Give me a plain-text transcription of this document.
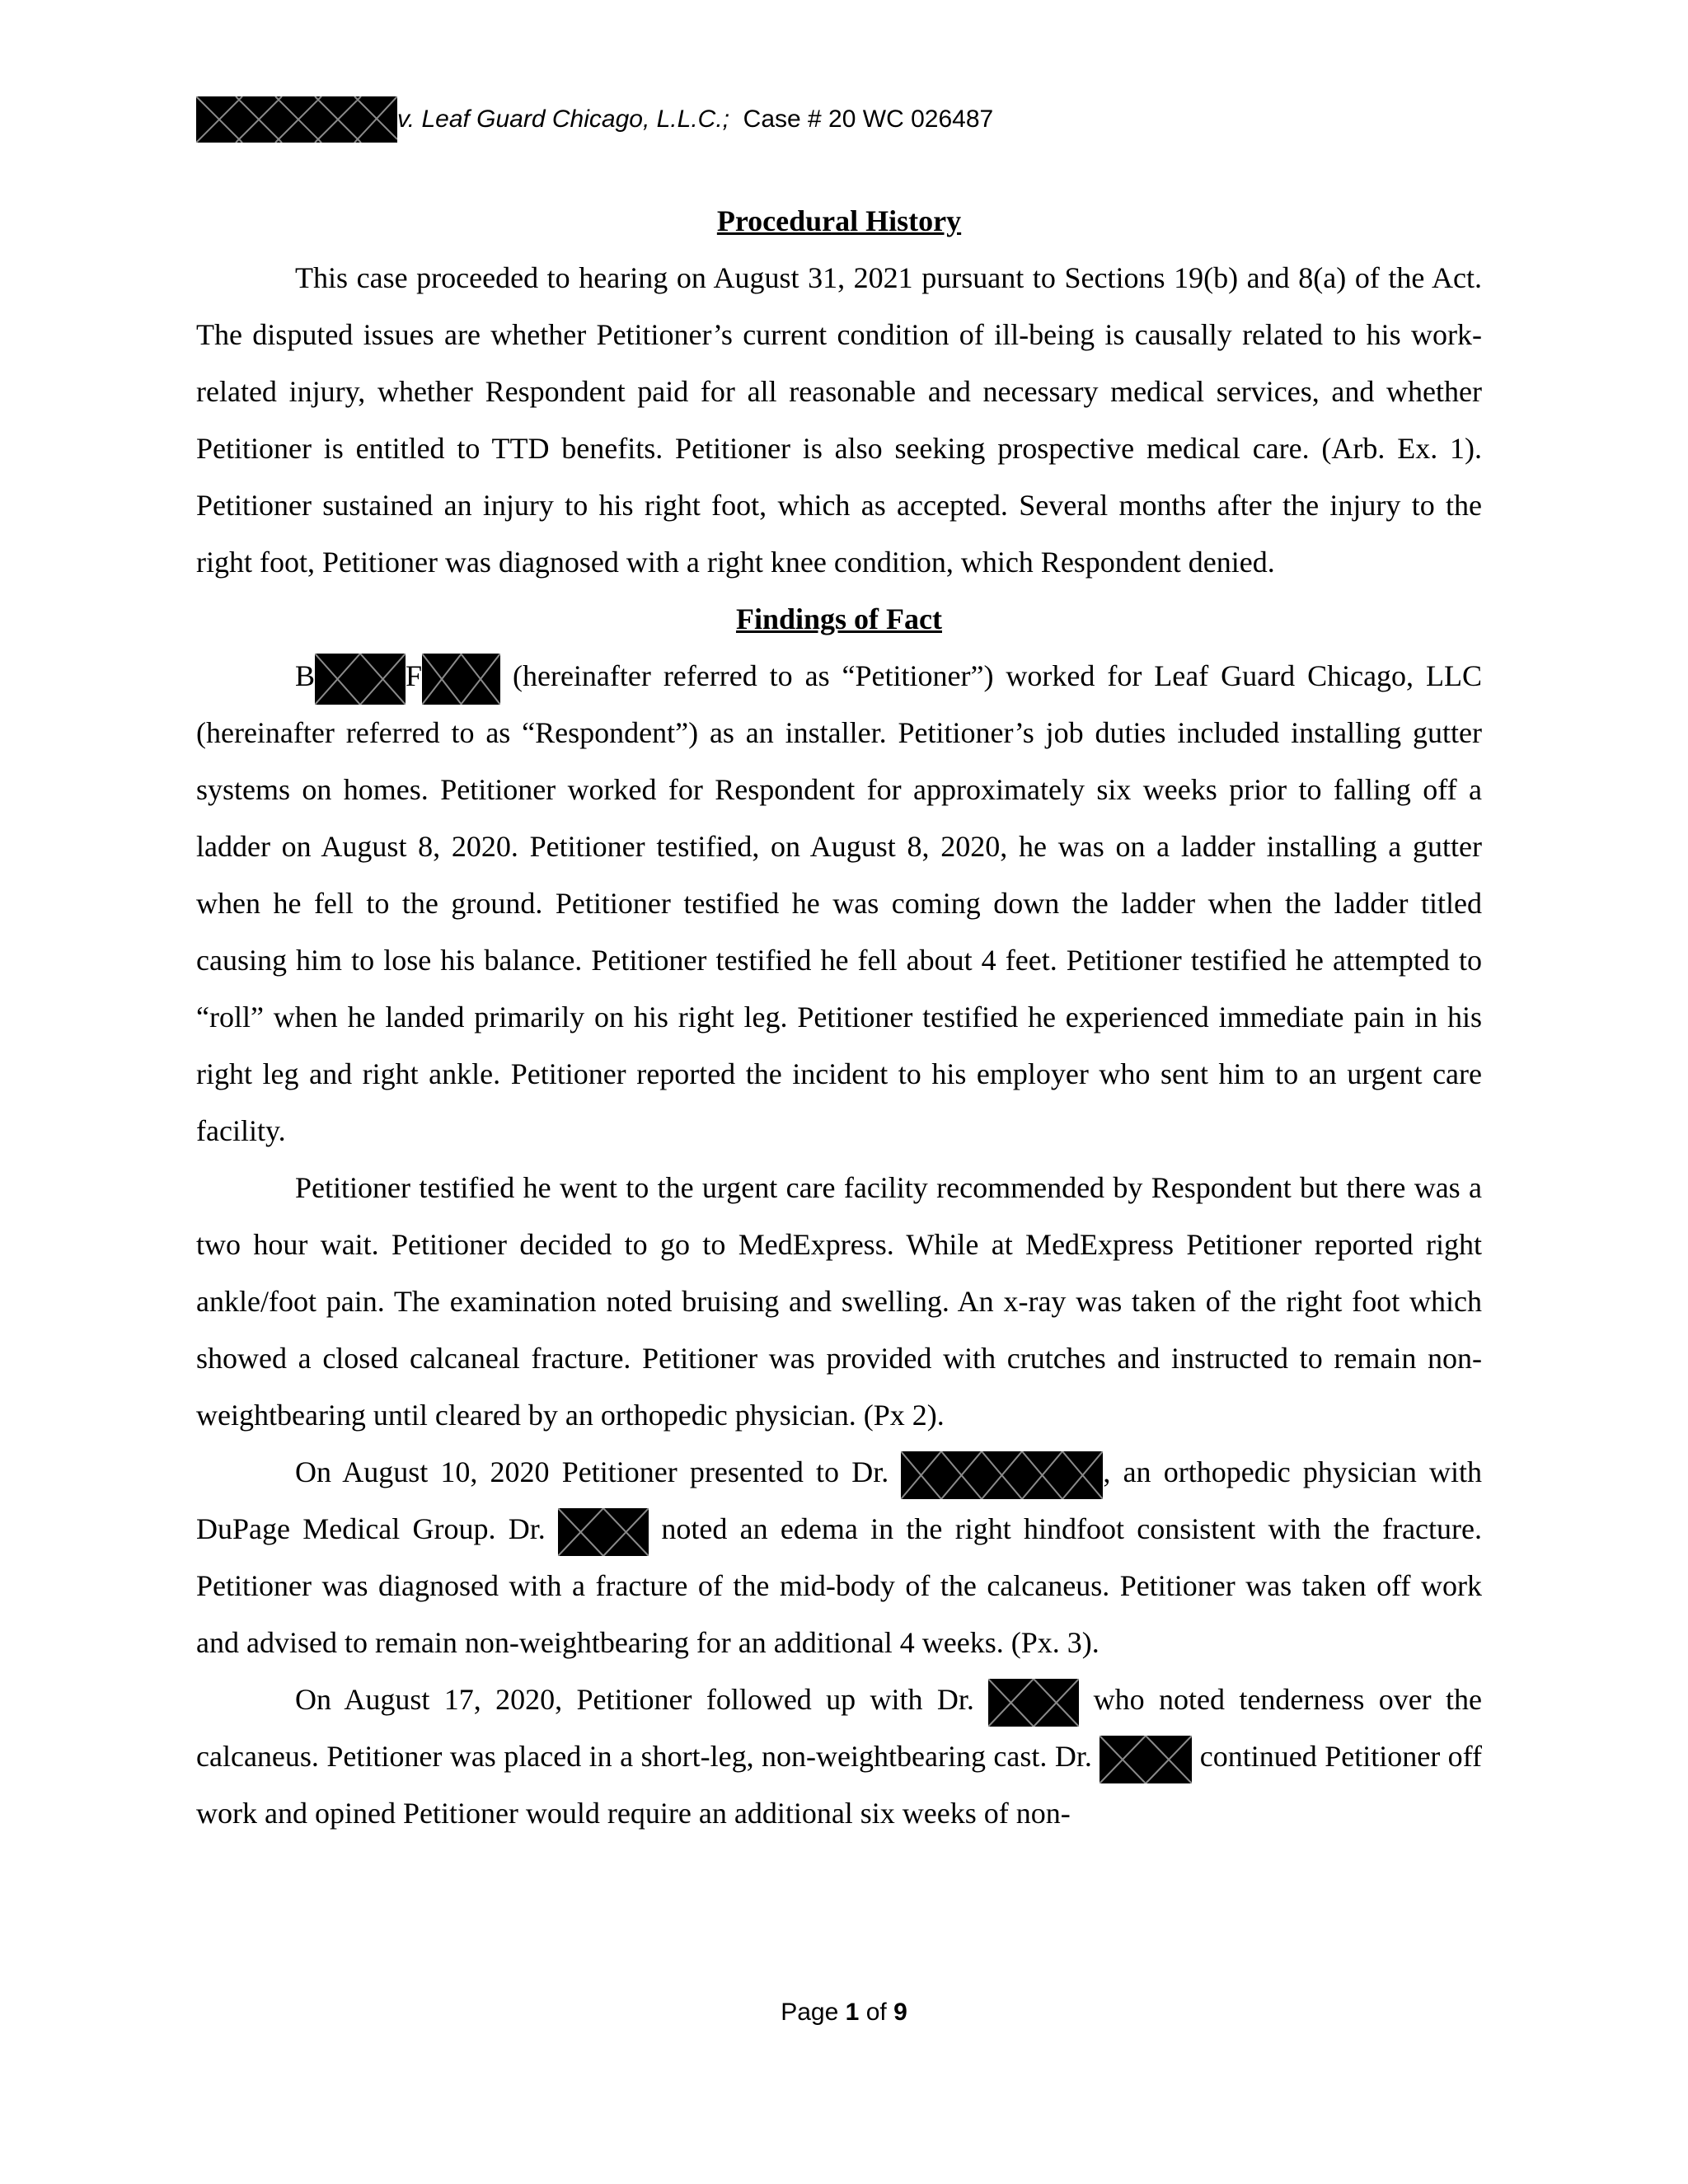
v. Leaf Guard Chicago, L.L.C.;
Case # 20 WC 026487
Procedural History

This case proceeded to hearing on August 31, 2021 pursuant to Sections 19(b) and 8(a) of the Act. The disputed issues are whether Petitioner’s current condition of ill-being is causally related to his work-related injury, whether Respondent paid for all reasonable and necessary medical services, and whether Petitioner is entitled to TTD benefits. Petitioner is also seeking prospective medical care. (Arb. Ex. 1). Petitioner sustained an injury to his right foot, which as accepted. Several months after the injury to the right foot, Petitioner was diagnosed with a right knee condition, which Respondent denied.

Findings of Fact

B	F	(hereinafter referred to as “Petitioner”) worked for Leaf Guard Chicago, LLC (hereinafter referred to as “Respondent”) as an installer. Petitioner’s job duties included installing gutter systems on homes. Petitioner worked for Respondent for approximately six weeks prior to falling off a ladder on August 8, 2020. Petitioner testified, on August 8, 2020, he was on a ladder installing a gutter when he fell to the ground. Petitioner testified he was coming down the ladder when the ladder titled causing him to lose his balance. Petitioner testified he fell about 4 feet. Petitioner testified he attempted to “roll” when he landed primarily on his right leg. Petitioner testified he experienced immediate pain in his right leg and right ankle. Petitioner reported the incident to his employer who sent him to an urgent care facility.

Petitioner testified he went to the urgent care facility recommended by Respondent but there was a two hour wait. Petitioner decided to go to MedExpress. While at MedExpress Petitioner reported right ankle/foot pain. The examination noted bruising and swelling. An x-ray was taken of the right foot which showed a closed calcaneal fracture. Petitioner was provided with crutches and instructed to remain non-weightbearing until cleared by an orthopedic physician. (Px 2).

On August 10, 2020 Petitioner presented to Dr.	, an orthopedic physician with DuPage Medical Group. Dr.	noted an edema in the right hindfoot consistent with the fracture. Petitioner was diagnosed with a fracture of the mid-body of the calcaneus. Petitioner was taken off work and advised to remain non-weightbearing for an additional 4 weeks. (Px. 3).

On August 17, 2020, Petitioner followed up with Dr.	who noted tenderness over the calcaneus. Petitioner was placed in a short-leg, non-weightbearing cast. Dr.	continued Petitioner off work and opined Petitioner would require an additional six weeks of non-

Page 1 of 9
